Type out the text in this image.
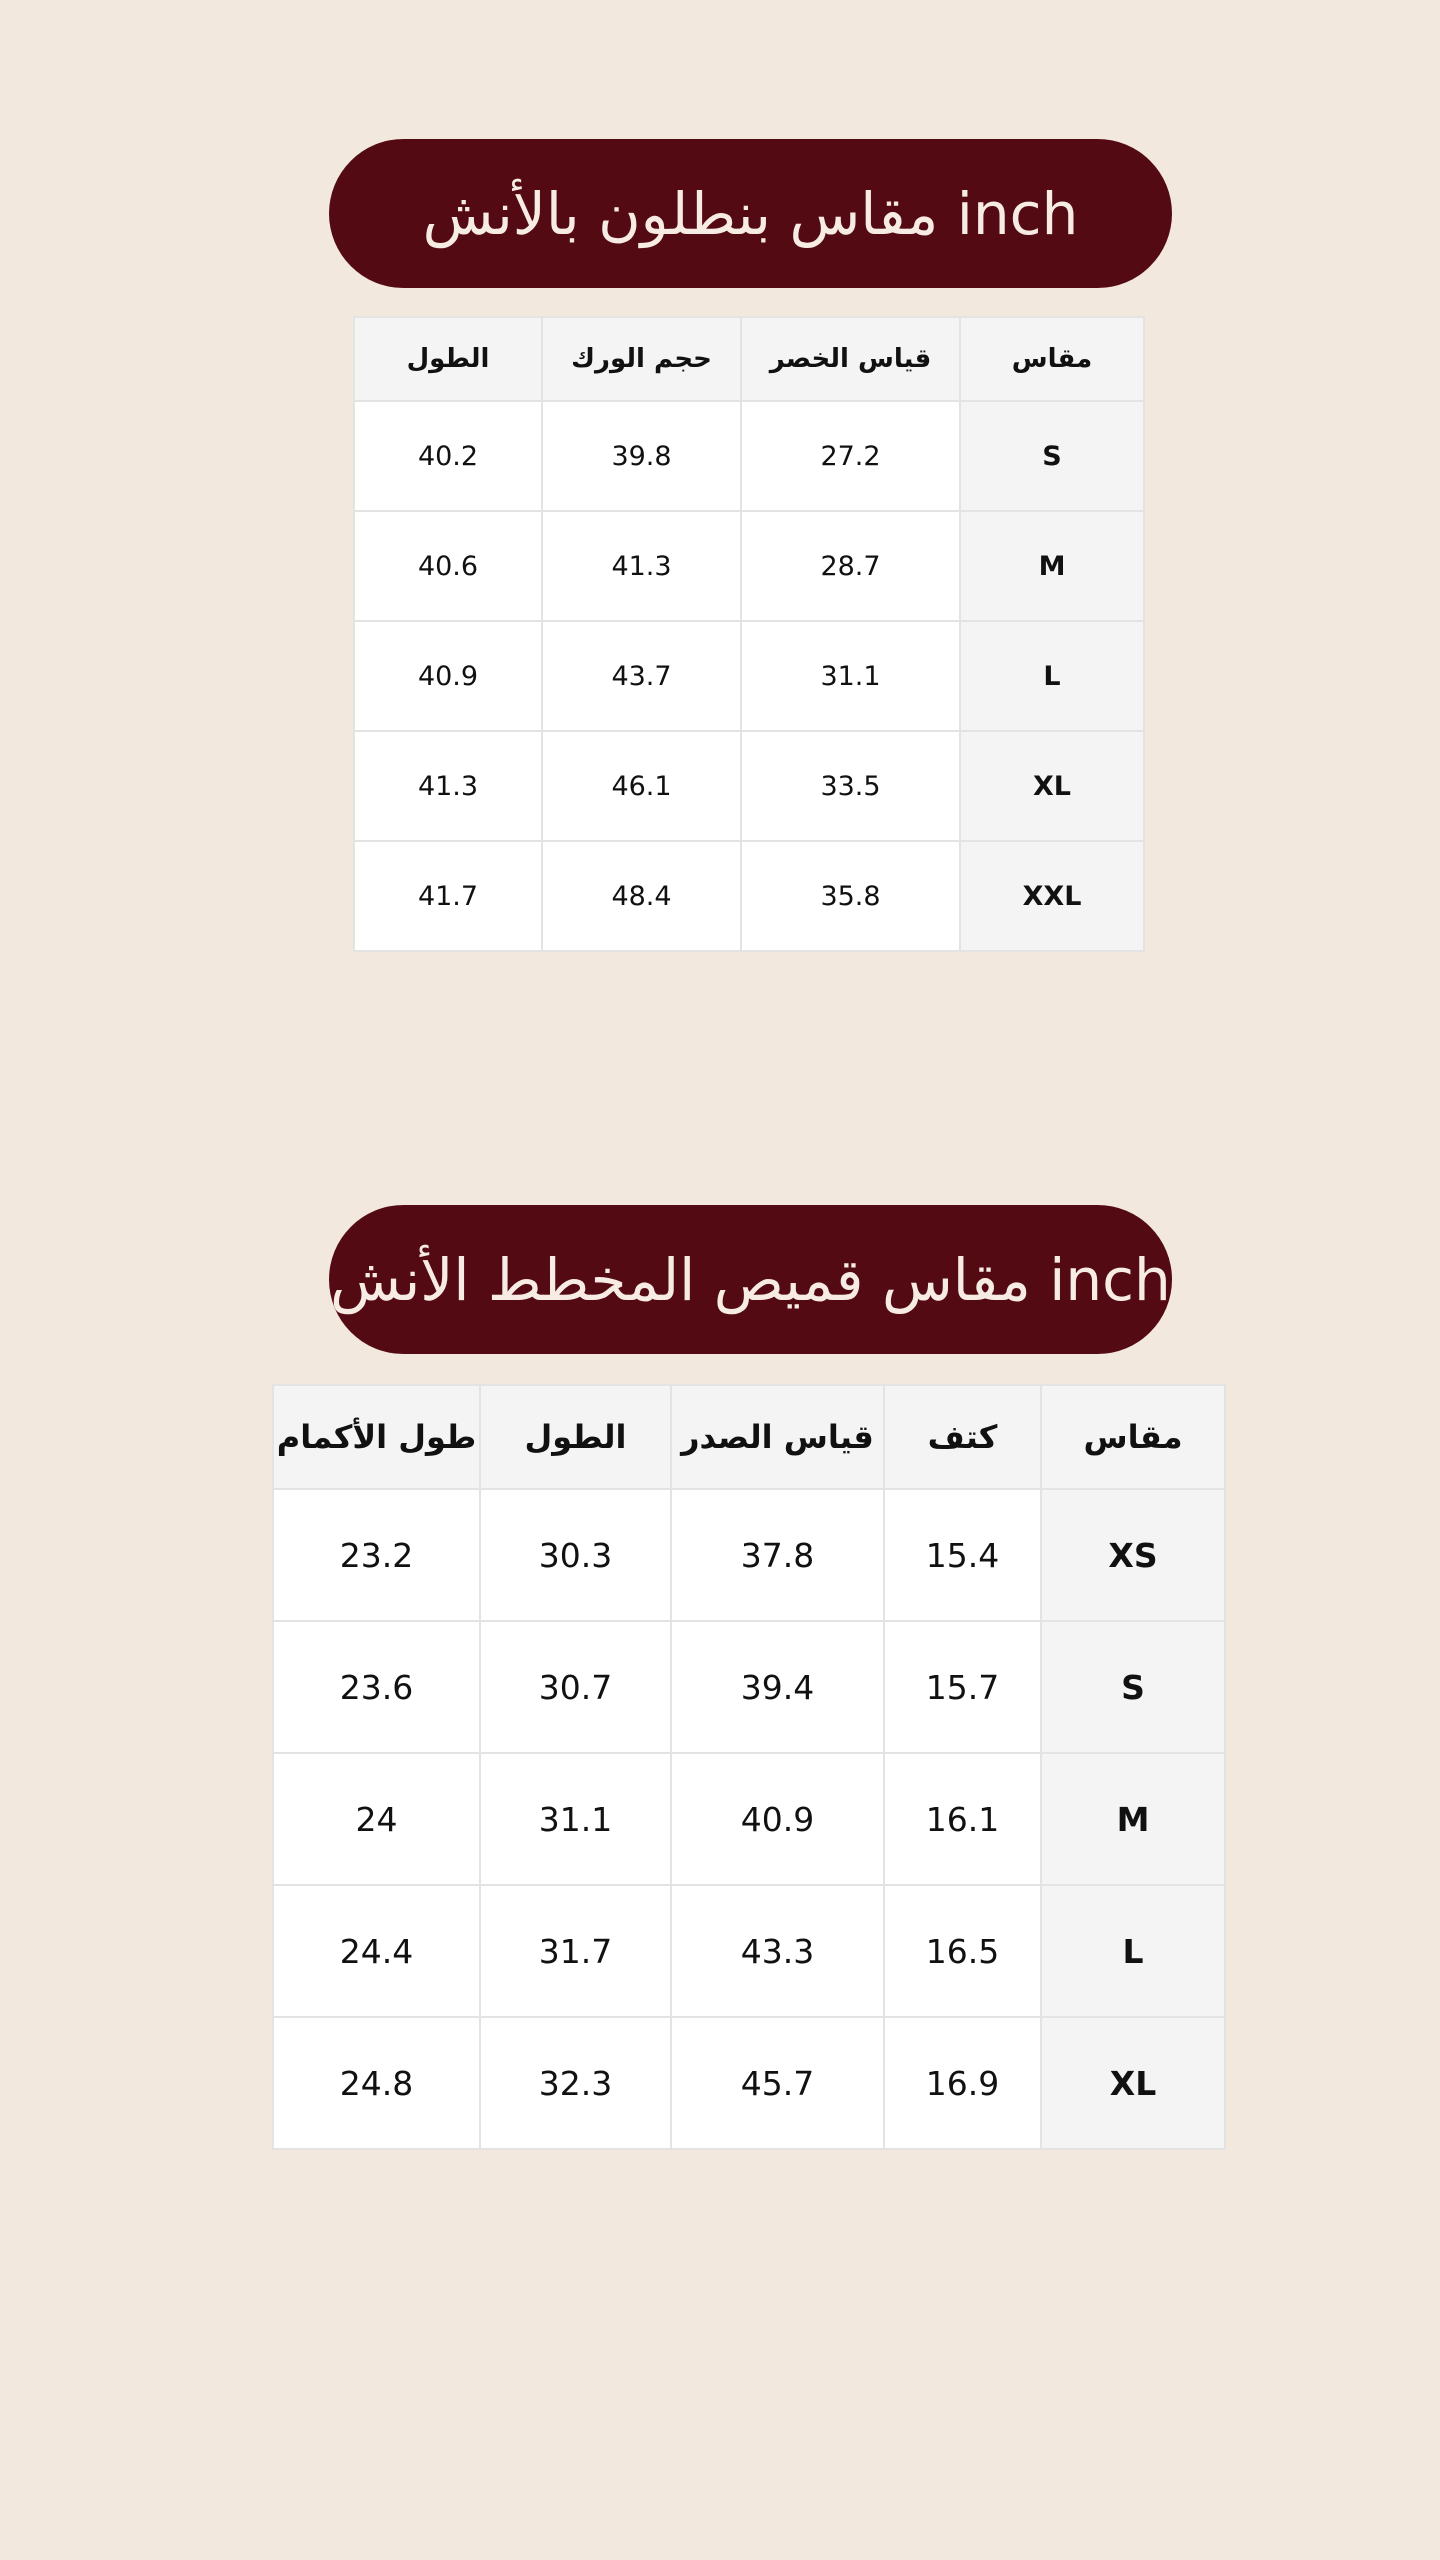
مقاس بنطلون بالأنش inch
الطول	حجم الورك	قياس الخصر	مقاس
40.2	39.8	27.2	S
40.6	41.3	28.7	M
40.9	43.7	31.1	L
41.3	46.1	33.5	XL
41.7	48.4	35.8	XXL
مقاس قميص المخطط الأنش inch
طول الأكمام	الطول	قياس الصدر	كتف	مقاس
23.2	30.3	37.8	15.4	XS
23.6	30.7	39.4	15.7	S
24	31.1	40.9	16.1	M
24.4	31.7	43.3	16.5	L
24.8	32.3	45.7	16.9	XL
